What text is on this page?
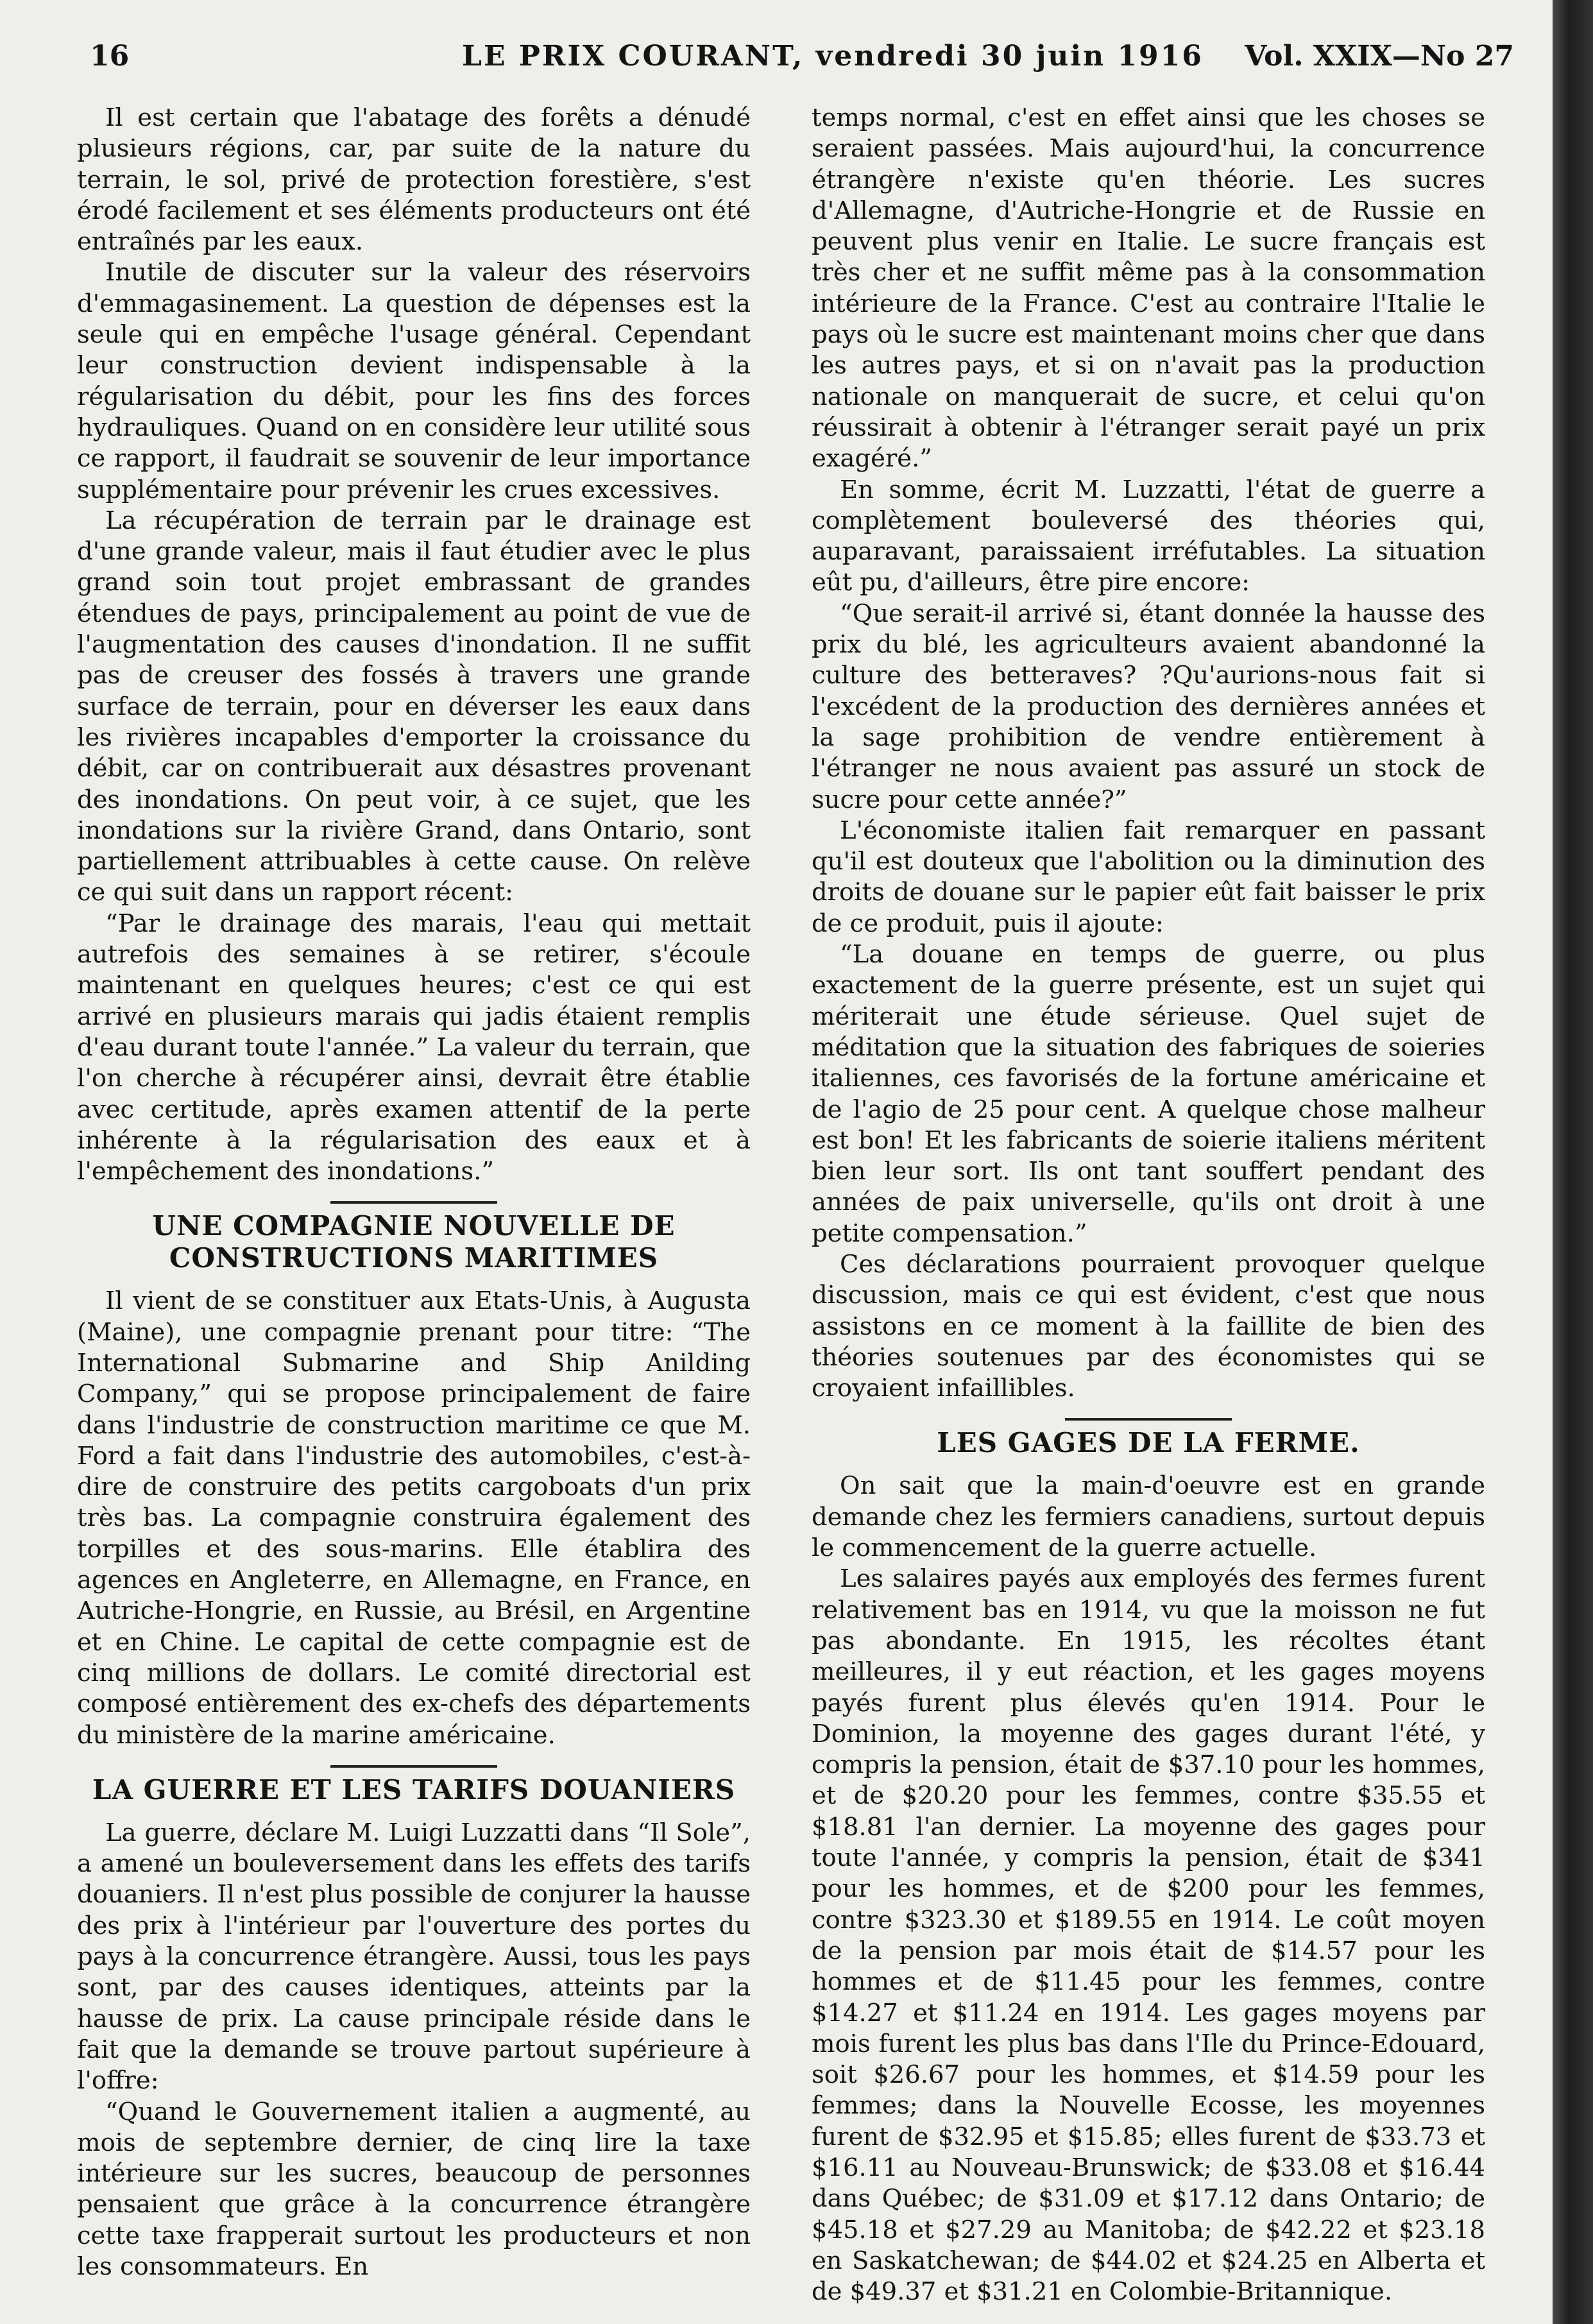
16	LE PRIX COURANT, vendredi 30 juin 1916 Vol. XXIX—No 27

Il est certain que l'abatage des forêts a dénudé plusieurs régions, car, par suite de la nature du terrain, le sol, privé de protection forestière, s'est érodé facilement et ses éléments producteurs ont été entraînés par les eaux.

Inutile de discuter sur la valeur des réservoirs d'emmagasinement. La question de dépenses est la seule qui en empêche l'usage général. Cependant leur construction devient indispensable à la régularisation du débit, pour les fins des forces hydrauliques. Quand on en considère leur utilité sous ce rapport, il faudrait se souvenir de leur importance supplémentaire pour prévenir les crues excessives.

La récupération de terrain par le drainage est d'une grande valeur, mais il faut étudier avec le plus grand soin tout projet embrassant de grandes étendues de pays, principalement au point de vue de l'augmentation des causes d'inondation. Il ne suffit pas de creuser des fossés à travers une grande surface de terrain, pour en déverser les eaux dans les rivières incapables d'emporter la croissance du débit, car on contribuerait aux désastres provenant des inondations. On peut voir, à ce sujet, que les inondations sur la rivière Grand, dans Ontario, sont partiellement attribuables à cette cause. On relève ce qui suit dans un rapport récent:

“Par le drainage des marais, l'eau qui mettait autrefois des semaines à se retirer, s'écoule maintenant en quelques heures; c'est ce qui est arrivé en plusieurs marais qui jadis étaient remplis d'eau durant toute l'année.” La valeur du terrain, que l'on cherche à récupérer ainsi, devrait être établie avec certitude, après examen attentif de la perte inhérente à la régularisation des eaux et à l'empêchement des inondations.”

UNE COMPAGNIE NOUVELLE DE CONSTRUCTIONS MARITIMES

Il vient de se constituer aux Etats-Unis, à Augusta (Maine), une compagnie prenant pour titre: “The International Submarine and Ship Anilding Company,” qui se propose principalement de faire dans l'industrie de construction maritime ce que M. Ford a fait dans l'industrie des automobiles, c'est-à-dire de construire des petits cargoboats d'un prix très bas. La compagnie construira également des torpilles et des sous-marins. Elle établira des agences en Angleterre, en Allemagne, en France, en Autriche-Hongrie, en Russie, au Brésil, en Argentine et en Chine. Le capital de cette compagnie est de cinq millions de dollars. Le comité directorial est composé entièrement des ex-chefs des départements du ministère de la marine américaine.

LA GUERRE ET LES TARIFS DOUANIERS

La guerre, déclare M. Luigi Luzzatti dans “Il Sole”, a amené un bouleversement dans les effets des tarifs douaniers. Il n'est plus possible de conjurer la hausse des prix à l'intérieur par l'ouverture des portes du pays à la concurrence étrangère. Aussi, tous les pays sont, par des causes identiques, atteints par la hausse de prix. La cause principale réside dans le fait que la demande se trouve partout supérieure à l'offre:

“Quand le Gouvernement italien a augmenté, au mois de septembre dernier, de cinq lire la taxe intérieure sur les sucres, beaucoup de personnes pensaient que grâce à la concurrence étrangère cette taxe frapperait surtout les producteurs et non les consommateurs. En

temps normal, c'est en effet ainsi que les choses se seraient passées. Mais aujourd'hui, la concurrence étrangère n'existe qu'en théorie. Les sucres d'Allemagne, d'Autriche-Hongrie et de Russie en peuvent plus venir en Italie. Le sucre français est très cher et ne suffit même pas à la consommation intérieure de la France. C'est au contraire l'Italie le pays où le sucre est maintenant moins cher que dans les autres pays, et si on n'avait pas la production nationale on manquerait de sucre, et celui qu'on réussirait à obtenir à l'étranger serait payé un prix exagéré.”

En somme, écrit M. Luzzatti, l'état de guerre a complètement bouleversé des théories qui, auparavant, paraissaient irréfutables. La situation eût pu, d'ailleurs, être pire encore:

“Que serait-il arrivé si, étant donnée la hausse des prix du blé, les agriculteurs avaient abandonné la culture des betteraves? ?Qu'aurions-nous fait si l'excédent de la production des dernières années et la sage prohibition de vendre entièrement à l'étranger ne nous avaient pas assuré un stock de sucre pour cette année?”

L'économiste italien fait remarquer en passant qu'il est douteux que l'abolition ou la diminution des droits de douane sur le papier eût fait baisser le prix de ce produit, puis il ajoute:

“La douane en temps de guerre, ou plus exactement de la guerre présente, est un sujet qui mériterait une étude sérieuse. Quel sujet de méditation que la situation des fabriques de soieries italiennes, ces favorisés de la fortune américaine et de l'agio de 25 pour cent. A quelque chose malheur est bon! Et les fabricants de soierie italiens méritent bien leur sort. Ils ont tant souffert pendant des années de paix universelle, qu'ils ont droit à une petite compensation.”

Ces déclarations pourraient provoquer quelque discussion, mais ce qui est évident, c'est que nous assistons en ce moment à la faillite de bien des théories soutenues par des économistes qui se croyaient infaillibles.

LES GAGES DE LA FERME.

On sait que la main-d'oeuvre est en grande demande chez les fermiers canadiens, surtout depuis le commencement de la guerre actuelle.

Les salaires payés aux employés des fermes furent relativement bas en 1914, vu que la moisson ne fut pas abondante. En 1915, les récoltes étant meilleures, il y eut réaction, et les gages moyens payés furent plus élevés qu'en 1914. Pour le Dominion, la moyenne des gages durant l'été, y compris la pension, était de $37.10 pour les hommes, et de $20.20 pour les femmes, contre $35.55 et $18.81 l'an dernier. La moyenne des gages pour toute l'année, y compris la pension, était de $341 pour les hommes, et de $200 pour les femmes, contre $323.30 et $189.55 en 1914. Le coût moyen de la pension par mois était de $14.57 pour les hommes et de $11.45 pour les femmes, contre $14.27 et $11.24 en 1914. Les gages moyens par mois furent les plus bas dans l'Ile du Prince-Edouard, soit $26.67 pour les hommes, et $14.59 pour les femmes; dans la Nouvelle Ecosse, les moyennes furent de $32.95 et $15.85; elles furent de $33.73 et $16.11 au Nouveau-Brunswick; de $33.08 et $16.44 dans Québec; de $31.09 et $17.12 dans Ontario; de $45.18 et $27.29 au Manitoba; de $42.22 et $23.18 en Saskatchewan; de $44.02 et $24.25 en Alberta et de $49.37 et $31.21 en Colombie-Britannique.
